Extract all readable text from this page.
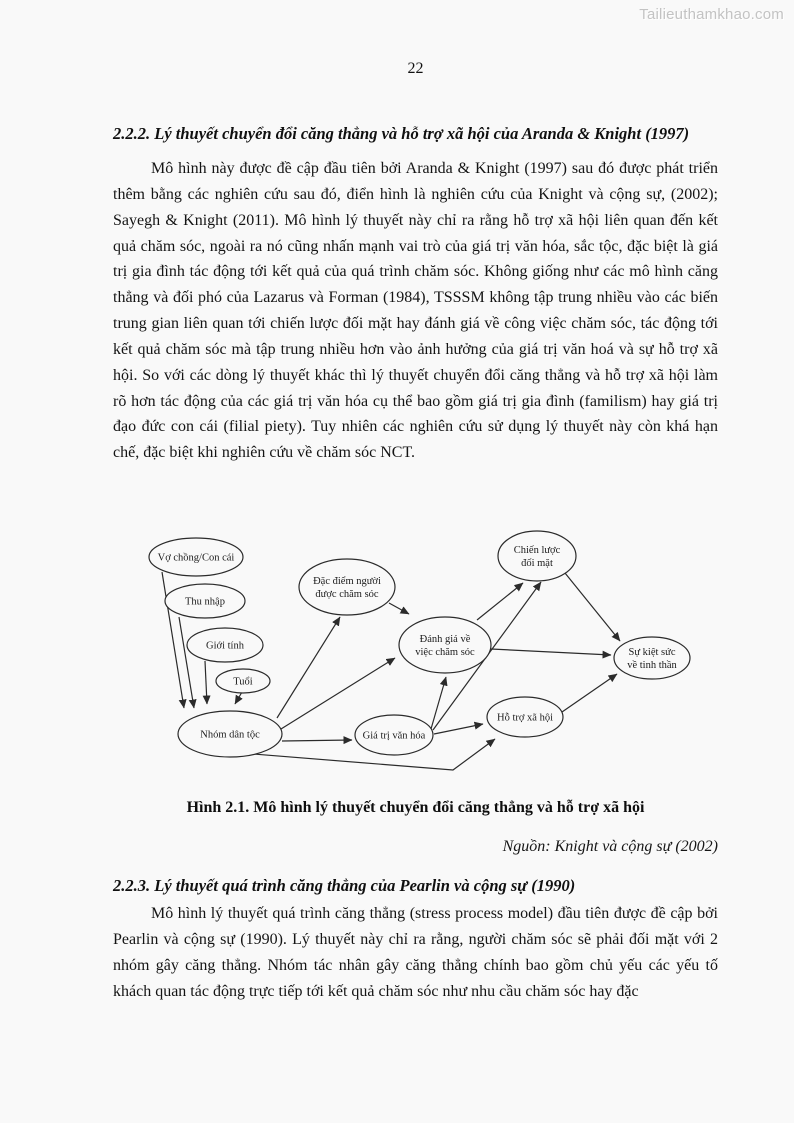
Tailieuthamkhao.com
22
2.2.2. Lý thuyết chuyển đổi căng thẳng và hỗ trợ xã hội của Aranda & Knight (1997)

Mô hình này được đề cập đầu tiên bởi Aranda & Knight (1997) sau đó được phát triển thêm bằng các nghiên cứu sau đó, điển hình là nghiên cứu của Knight và cộng sự, (2002); Sayegh & Knight (2011). Mô hình lý thuyết này chỉ ra rằng hỗ trợ xã hội liên quan đến kết quả chăm sóc, ngoài ra nó cũng nhấn mạnh vai trò của giá trị văn hóa, sắc tộc, đặc biệt là giá trị gia đình tác động tới kết quả của quá trình chăm sóc. Không giống như các mô hình căng thẳng và đối phó của Lazarus và Forman (1984), TSSSM không tập trung nhiều vào các biến trung gian liên quan tới chiến lược đối mặt hay đánh giá về công việc chăm sóc, tác động tới kết quả chăm sóc mà tập trung nhiều hơn vào ảnh hưởng của giá trị văn hoá và sự hỗ trợ xã hội. So với các dòng lý thuyết khác thì lý thuyết chuyển đổi căng thẳng và hỗ trợ xã hội làm rõ hơn tác động của các giá trị văn hóa cụ thể bao gồm giá trị gia đình (familism) hay giá trị đạo đức con cái (filial piety). Tuy nhiên các nghiên cứu sử dụng lý thuyết này còn khá hạn chế, đặc biệt khi nghiên cứu về chăm sóc NCT.

Vợ chồng/Con cái
Thu nhập
Giới tính
Tuổi
Nhóm dân tộc
Đặc điểm người được chăm sóc
Đánh giá về việc chăm sóc
Chiến lược đối mặt
Sự kiệt sức về tinh thần
Hỗ trợ xã hội
Giá trị văn hóa

Hình 2.1. Mô hình lý thuyết chuyển đổi căng thẳng và hỗ trợ xã hội

Nguồn: Knight và cộng sự (2002)

2.2.3. Lý thuyết quá trình căng thẳng của Pearlin và cộng sự (1990)

Mô hình lý thuyết quá trình căng thẳng (stress process model) đầu tiên được đề cập bởi Pearlin và cộng sự (1990). Lý thuyết này chỉ ra rằng, người chăm sóc sẽ phải đối mặt với 2 nhóm gây căng thẳng. Nhóm tác nhân gây căng thẳng chính bao gồm chủ yếu các yếu tố khách quan tác động trực tiếp tới kết quả chăm sóc như nhu cầu chăm sóc hay đặc
